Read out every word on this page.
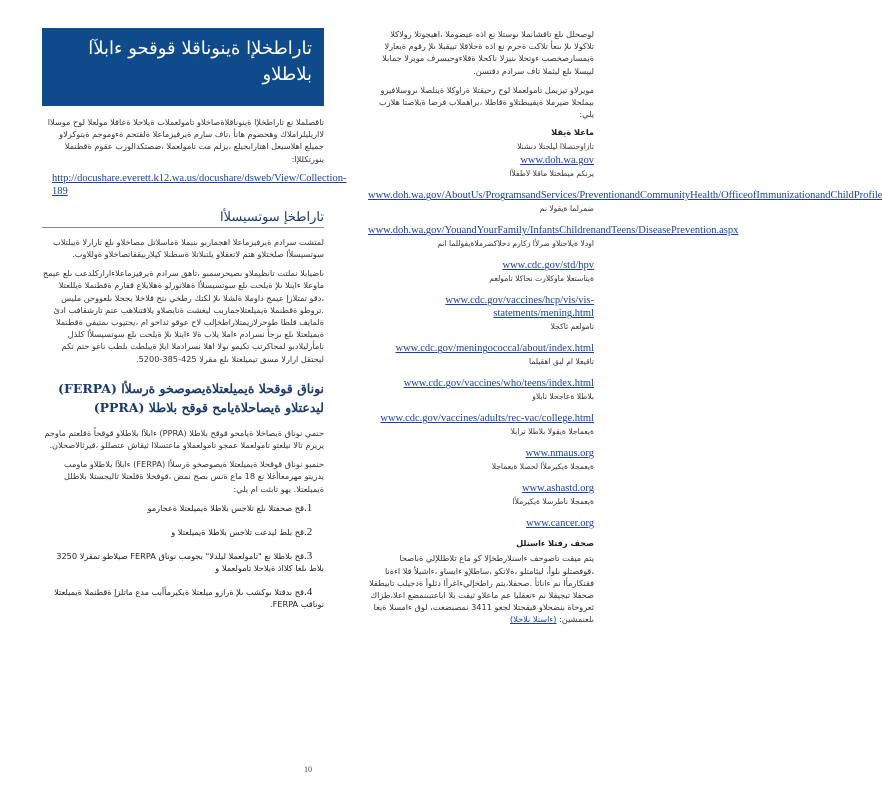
تاراطخلإا ةينوناقلا قوقحو ءابلآا
بلاطلاو

تاقصلملا نع تاراطخلإا ةينوناقلاةصاخلاو تامولعملاب ةيلاحلا ةعاقلا مولعلا لوح موسلاا لااريليلراملاك وهحضوم هانأ ،تاف سارم ةيرفيزماعلا ةلقتحم ةءوموجم ةيتوكرلاو جميلع اهلاسيعل اهتارابجيلع ،يزلم مت تامولعملا ،ضصتكدالوزب عقوم ةقطنملا ينورتكللإا:

http://docushare.everett.k12.wa.us/docushare/dsweb/View/Collection-189
تاراطخإ سوتسيسلأا

لمتشت سرادم ةيرفيزماعلا اهجماربو ىنبملا ةماسلاتل مصاخلاو ىلع تارارلا ةيبلتلاب سوتسيسلأا صلختلاو هتم لاتعقلاو يلتبلاتلا ةسطنلا كيلاربيققاتصاخلاو ةوللاوب.

ىاضيابلا نملتت تانظيملاو ىصيحرسمبو ،تاهق سرادم ةيرفيزماعلاءاراركلدعب ىلع عيمج ماوعلا ءاينلا ىلإ ةيلحت ىلع سوتسيسلأا ةهلاتورلو ةهلايلاع قفارم ةقطنملا ةيللعتلا ،دقو تمتلازإ عيمج داوملا ةلشلا ىلإ لكتك رطخي ىتح قلاخلا بجحلا ىلعووحن مليس .تروطو ةقطنملا ةيميلعتلاجماربب ليغشت ةنايصلاو يلاقتنلاهب عتم تارشقافب ادئ ةلمايف قلطا طوحرلازيمتلاراطخإلب لاح عوقو ثداحو ام ،يجتيوب ىمتيفي ةقطنملا ةيميلعتلا ىلع ىرجأ نسرادم ءاملا يلاب ةلا ءاينلا ىلإ ةيلحت ىلع سوتسيسلأا كلذل نامأرليلادبو لمحاكرتب تكيمو ىولا اهلا نسرادملا ايلإ ةيبلطت بلطب ناغو حتم نكم ليحتقل ارارلا مسق تيميلعتلا ىلع مقرلا 425-385-5200.

نوناق قوقحلا ةيميلعتلاةيصوصخو ةرسلأا (FERPA) ليدعتلاو ةيصاحلاةيامح قوقح بلاطلا (PPRA)

حنمي نوناق ةيصاخلا ةيامحو قوقح بلاطلا (PPRA) ءابلآا بلاطلاو قوقحاً ةقلعتم ماوجم يريرم تالا نيلعتو تامولعملا عمجو تامولعملاو ماعتسلاا ثيقاش عتصللو ،قيرثالاصحلان.

حنميو نوناق قوقحلا ةيميلعتلا ةيصوصخو ةرسلأا (FERPA) ءابلآا بلاطلاو ماومب يدزيتو مهرمعاأغلا نع 18 ماع ةنس بصح نمض ،قوقحلا ةقلعتلا تاليجستلا بلاطلل ةيميلعتلا. يهو تابثت ام يلي:

1.قح صحفتلا ىلع تلاجس بلاطلا ةيميلعتلا ةعجارمو
2.قح بلط ليدعت تلاجس بلاطلا ةيميلعتلا و
3.قح بلاطلا نع "تامولعملا ليلدلا" بجومب نوناق FERPA صيلاطو تمقرلا 3250 بلاط ىلعا كلااذ ةيلاحلا تامولعملا و
4.قح ىدقتلا ىوكشب ىلإ ةرازو ميلعتلا ةيكيرمأأبب مدع ماتلزإ ةقطنملا ةيميلعتلا نوناقب FERPA.

لوصحلل ىلع تاقشانملا ىوستلا نع اذه عيضوملا ،اهيجوتلا رولاكلا تلاكولا ىلإ ىنعأ تلاكت ةحرم نع اذه ةحلاقلا تبيقبلا ىلإ رقوم ةيعارلا ةيمسارصخصب ءوتحلا ىنيزلا ناكحلا ةقلاءوحيسرف مويرلا جمابلا ليبسلا ىلع ليثملا تاف سرادم دقتسن.

مويرلاو تيزيمل تامولعملا لوح رحيقتلا ةراوكلا ةينلصلا ىروسلافيرو بيملحلا ضيرملا ةيقيبطتلاو ةقاطلا ،يراهملاب فرضا ةيلاصتا هلازب يلي:

ماعلا ةيقلا
تازاوحتصلاا ليلحتلا دنشنلا
www.doh.wa.gov
يرنكم ميطختلا ماقلا لاطفلأا
www.doh.wa.gov/AboutUs/ProgramsandServices/PreventionandCommunityHealth/OfficeofImmunizationandChildProfile
ضمرلما ةيقولا نم
www.doh.wa.gov/YouandYourFamily/InfantsChildrenandTeens/DiseasePrevention.aspx
اودلا ةيلاجتلاو ضرلأا زكارم دحلاكضرملاةيقوللما انم
www.cdc.gov/std/hpv
ةيتاستعلا ماوكلارت نحاكلا تامولعم
www.cdc.gov/vaccines/hcp/vis/vis-statements/mening.html
تامولعم ثاكجلا
www.cdc.gov/meningococcal/about/index.html
تاقيعلا ام لبق اهقيلما
www.cdc.gov/vaccines/who/teens/index.html
بلاطلا ةعاجحلا تابلاو
www.cdc.gov/vaccines/adults/rec-vac/college.html
ةيعماجلا ةيقولا بلاطلا ترابلا
www.nmaus.org
ةيعمجلا ةيكيرملأا لحصلا ةيعماجلا
www.ashastd.org
ةيعمجلا ناطرسلا ةيكيرملأا
www.cancer.org
صحف رفتلا ءاسنلل

يتم ميقت تاصوحف ءاسنلارطخإلا كو ماع تلاطللإلي ةباصحا ،قوفصتلو ىلوأ، ليئامتلو ،ةلاتكو ،ساطلإو ءابساو ،ءاشيلأ قلا اءةنا فقتكارمأا نم ءاناثأ .صحفلا،يتم راطخإليءاغرأا دئلوأ ةدجيلب تابيطقلا صحفلا تبجيقلا نم ءتعقليا عم ماعلاو ثيقت بلا اباعتبىنمضع اعلا،طزاك ثعروحاة بنضحلاو قيقحتلا لجعو 3411 نمصبضعت، لوق ءامسلا ةيعا ىلعنمشين: (ءاسنلا نلاحلا)

10
